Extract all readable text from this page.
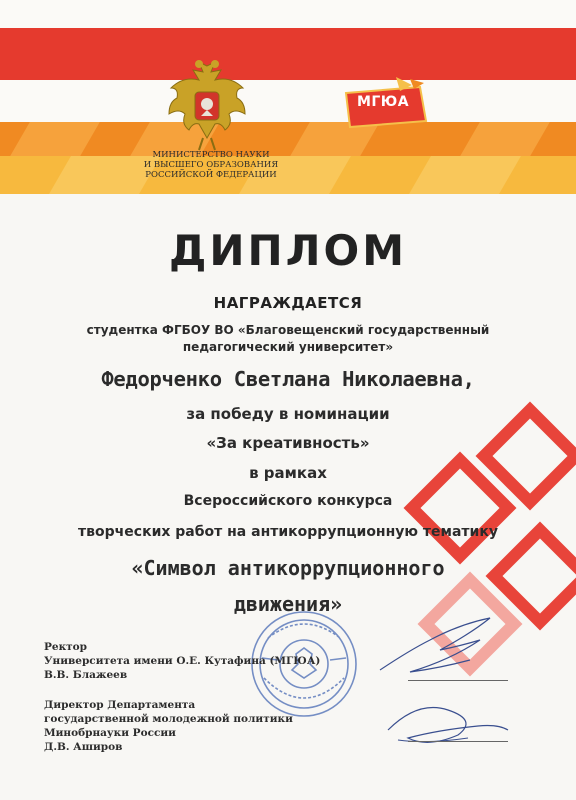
МИНИСТЕРСТВО НАУКИ
И ВЫСШЕГО ОБРАЗОВАНИЯ
РОССИЙСКОЙ ФЕДЕРАЦИИ
МГЮА
ДИПЛОМ
НАГРАЖДАЕТСЯ
студентка ФГБОУ ВО «Благовещенский государственный
педагогический университет»
Федорченко Светлана Николаевна,
за победу в номинации
«За креативность»
в рамках
Всероссийского конкурса
творческих работ на антикоррупционную тематику
«Символ антикоррупционного
движения»
Ректор
Университета имени О.Е. Кутафина (МГЮА)
В.В. Блажеев
Директор Департамента
государственной молодежной политики
Минобрнауки России
Д.В. Аширов
